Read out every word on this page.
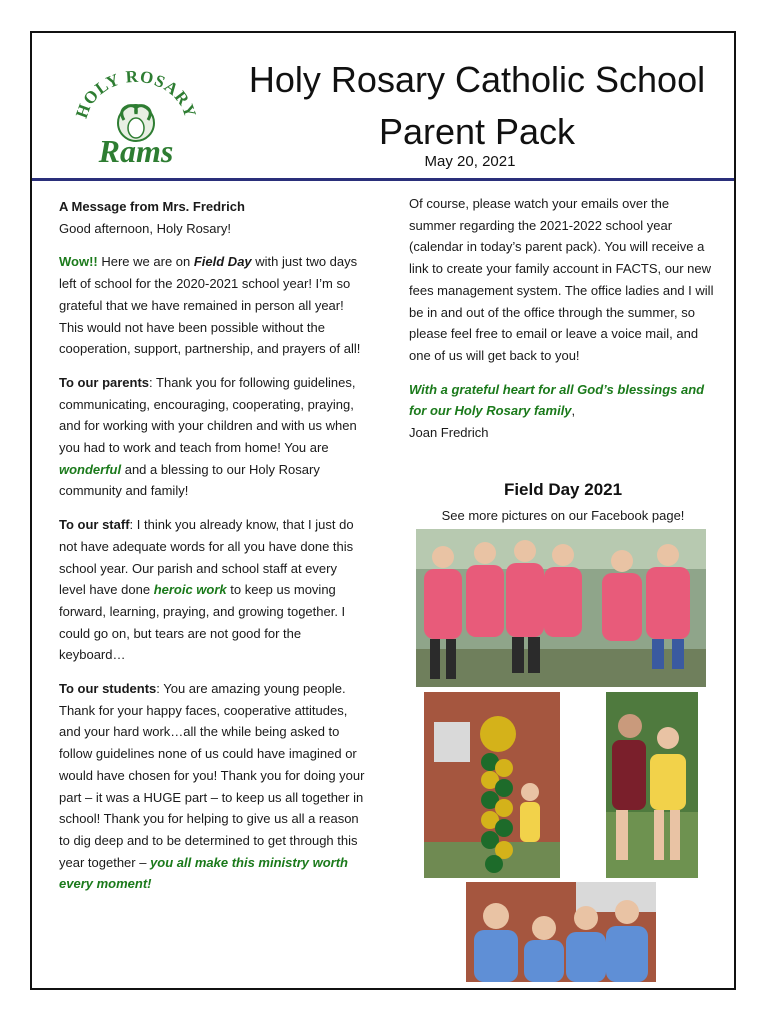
HOLY ROSARY
Rams
Holy Rosary Catholic School
Parent Pack
May 20, 2021

A Message from Mrs. Fredrich
Good afternoon, Holy Rosary!

Wow!! Here we are on Field Day with just two days left of school for the 2020-2021 school year! I’m so grateful that we have remained in person all year! This would not have been possible without the cooperation, support, partnership, and prayers of all!

To our parents: Thank you for following guidelines, communicating, encouraging, cooperating, praying, and for working with your children and with us when you had to work and teach from home! You are wonderful and a blessing to our Holy Rosary community and family!

To our staff: I think you already know, that I just do not have adequate words for all you have done this school year. Our parish and school staff at every level have done heroic work to keep us moving forward, learning, praying, and growing together. I could go on, but tears are not good for the keyboard…

To our students: You are amazing young people. Thank for your happy faces, cooperative attitudes, and your hard work…all the while being asked to follow guidelines none of us could have imagined or would have chosen for you! Thank you for doing your part – it was a HUGE part – to keep us all together in school! Thank you for helping to give us all a reason to dig deep and to be determined to get through this year together – you all make this ministry worth every moment!

Of course, please watch your emails over the summer regarding the 2021-2022 school year (calendar in today’s parent pack). You will receive a link to create your family account in FACTS, our new fees management system. The office ladies and I will be in and out of the office through the summer, so please feel free to email or leave a voice mail, and one of us will get back to you!

With a grateful heart for all God’s blessings and for our Holy Rosary family,
Joan Fredrich

Field Day 2021
See more pictures on our Facebook page!
